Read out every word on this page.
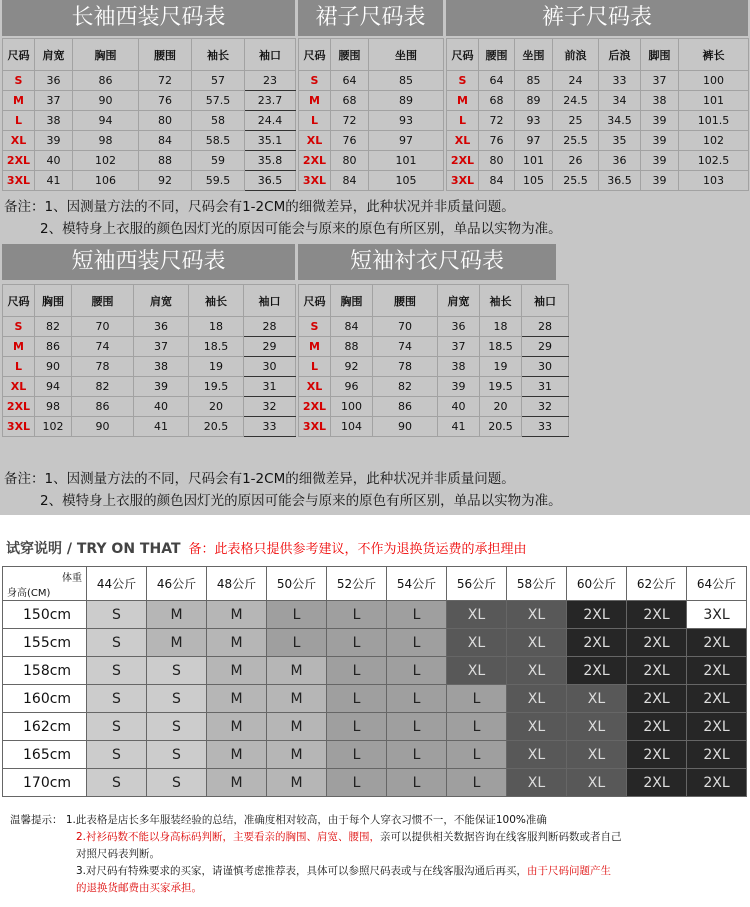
长袖西装尺码表	裙子尺码表	裤子尺码表
尺码	肩宽	胸围	腰围	袖长	袖口
S	36	86	72	57	23
M	37	90	76	57.5	23.7
L	38	94	80	58	24.4
XL	39	98	84	58.5	35.1
2XL	40	102	88	59	35.8
3XL	41	106	92	59.5	36.5
尺码	腰围	坐围
S	64	85
M	68	89
L	72	93
XL	76	97
2XL	80	101
3XL	84	105
尺码	腰围	坐围	前浪	后浪	脚围	裤长
S	64	85	24	33	37	100
M	68	89	24.5	34	38	101
L	72	93	25	34.5	39	101.5
XL	76	97	25.5	35	39	102
2XL	80	101	26	36	39	102.5
3XL	84	105	25.5	36.5	39	103
备注：1、因测量方法的不同，尺码会有1-2CM的细微差异，此种状况并非质量问题。
2、模特身上衣服的颜色因灯光的原因可能会与原来的原色有所区别，单品以实物为准。
短袖西装尺码表	短袖衬衣尺码表
尺码	胸围	腰围	肩宽	袖长	袖口
S	82	70	36	18	28
M	86	74	37	18.5	29
L	90	78	38	19	30
XL	94	82	39	19.5	31
2XL	98	86	40	20	32
3XL	102	90	41	20.5	33
尺码	胸围	腰围	肩宽	袖长	袖口
S	84	70	36	18	28
M	88	74	37	18.5	29
L	92	78	38	19	30
XL	96	82	39	19.5	31
2XL	100	86	40	20	32
3XL	104	90	41	20.5	33
备注：1、因测量方法的不同，尺码会有1-2CM的细微差异，此种状况并非质量问题。
2、模特身上衣服的颜色因灯光的原因可能会与原来的原色有所区别，单品以实物为准。
试穿说明 / TRY ON THAT 备：此表格只提供参考建议，不作为退换货运费的承担理由
体重
身高(CM)	44公斤	46公斤	48公斤	50公斤	52公斤	54公斤	56公斤	58公斤	60公斤	62公斤	64公斤
150cm	S	M	M	L	L	L	XL	XL	2XL	2XL	3XL
155cm	S	M	M	L	L	L	XL	XL	2XL	2XL	2XL
158cm	S	S	M	M	L	L	XL	XL	2XL	2XL	2XL
160cm	S	S	M	M	L	L	L	XL	XL	2XL	2XL
162cm	S	S	M	M	L	L	L	XL	XL	2XL	2XL
165cm	S	S	M	M	L	L	L	XL	XL	2XL	2XL
170cm	S	S	M	M	L	L	L	XL	XL	2XL	2XL
温馨提示： 1.此表格是店长多年服装经验的总结，准确度相对较高，由于每个人穿衣习惯不一，不能保证100%准确
2.衬衫码数不能以身高标码判断，主要看亲的胸围、肩宽、腰围，亲可以提供相关数据咨询在线客服判断码数或者自己
对照尺码表判断。
3.对尺码有特殊要求的买家，请谨慎考虑推荐表，具体可以参照尺码表或与在线客服沟通后再买，由于尺码问题产生
的退换货邮费由买家承担。
